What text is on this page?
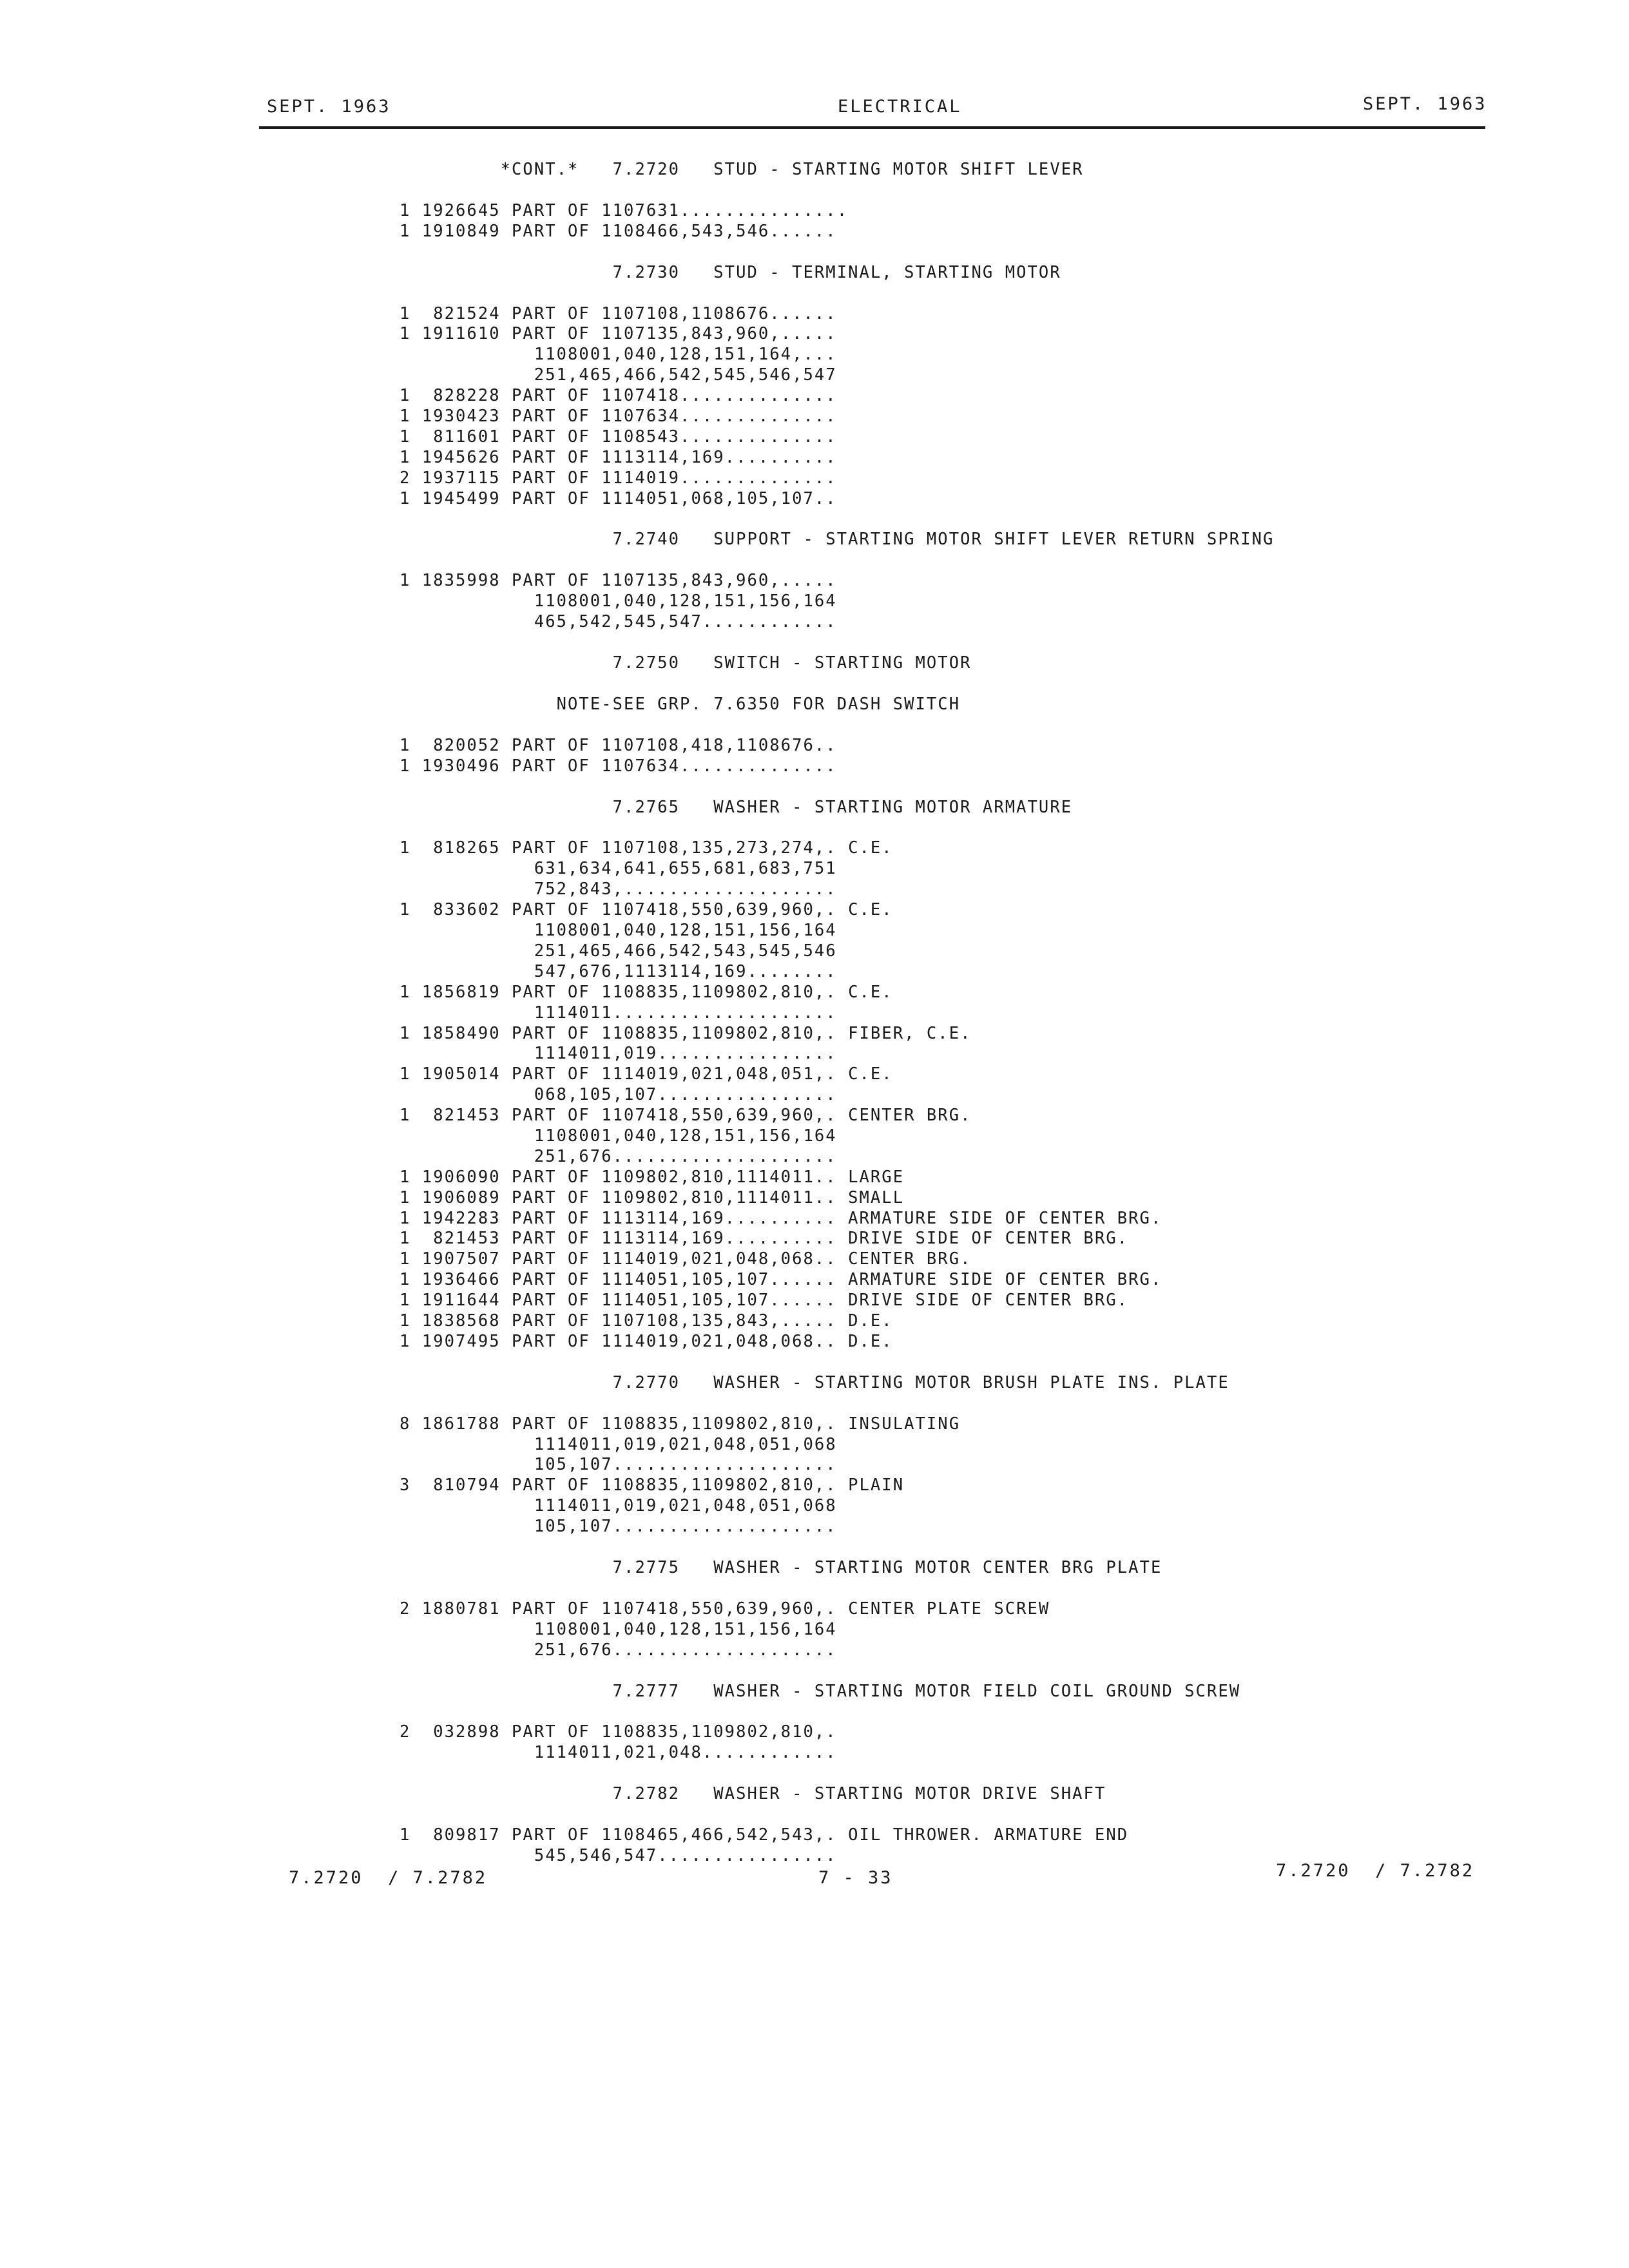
SEPT. 1963	ELECTRICAL	SEPT. 1963
*CONT.*   7.2720   STUD - STARTING MOTOR SHIFT LEVER
1 1926645 PART OF 1107631...............
1 1910849 PART OF 1108466,543,546......
7.2730   STUD - TERMINAL, STARTING MOTOR
1  821524 PART OF 1107108,1108676......
1 1911610 PART OF 1107135,843,960,.....
1108001,040,128,151,164,...
251,465,466,542,545,546,547
1  828228 PART OF 1107418..............
1 1930423 PART OF 1107634..............
1  811601 PART OF 1108543..............
1 1945626 PART OF 1113114,169..........
2 1937115 PART OF 1114019..............
1 1945499 PART OF 1114051,068,105,107..
7.2740   SUPPORT - STARTING MOTOR SHIFT LEVER RETURN SPRING
1 1835998 PART OF 1107135,843,960,.....
1108001,040,128,151,156,164
465,542,545,547............
7.2750   SWITCH - STARTING MOTOR
NOTE-SEE GRP. 7.6350 FOR DASH SWITCH
1  820052 PART OF 1107108,418,1108676..
1 1930496 PART OF 1107634..............
7.2765   WASHER - STARTING MOTOR ARMATURE
1  818265 PART OF 1107108,135,273,274,. C.E.
631,634,641,655,681,683,751
752,843,...................
1  833602 PART OF 1107418,550,639,960,. C.E.
1108001,040,128,151,156,164
251,465,466,542,543,545,546
547,676,1113114,169........
1 1856819 PART OF 1108835,1109802,810,. C.E.
1114011....................
1 1858490 PART OF 1108835,1109802,810,. FIBER, C.E.
1114011,019................
1 1905014 PART OF 1114019,021,048,051,. C.E.
068,105,107................
1  821453 PART OF 1107418,550,639,960,. CENTER BRG.
1108001,040,128,151,156,164
251,676....................
1 1906090 PART OF 1109802,810,1114011.. LARGE
1 1906089 PART OF 1109802,810,1114011.. SMALL
1 1942283 PART OF 1113114,169.......... ARMATURE SIDE OF CENTER BRG.
1  821453 PART OF 1113114,169.......... DRIVE SIDE OF CENTER BRG.
1 1907507 PART OF 1114019,021,048,068.. CENTER BRG.
1 1936466 PART OF 1114051,105,107...... ARMATURE SIDE OF CENTER BRG.
1 1911644 PART OF 1114051,105,107...... DRIVE SIDE OF CENTER BRG.
1 1838568 PART OF 1107108,135,843,..... D.E.
1 1907495 PART OF 1114019,021,048,068.. D.E.
7.2770   WASHER - STARTING MOTOR BRUSH PLATE INS. PLATE
8 1861788 PART OF 1108835,1109802,810,. INSULATING
1114011,019,021,048,051,068
105,107....................
3  810794 PART OF 1108835,1109802,810,. PLAIN
1114011,019,021,048,051,068
105,107....................
7.2775   WASHER - STARTING MOTOR CENTER BRG PLATE
2 1880781 PART OF 1107418,550,639,960,. CENTER PLATE SCREW
1108001,040,128,151,156,164
251,676....................
7.2777   WASHER - STARTING MOTOR FIELD COIL GROUND SCREW
2  032898 PART OF 1108835,1109802,810,.
1114011,021,048............
7.2782   WASHER - STARTING MOTOR DRIVE SHAFT
1  809817 PART OF 1108465,466,542,543,. OIL THROWER. ARMATURE END
545,546,547................
7.2720  / 7.2782	7 - 33	7.2720  / 7.2782
